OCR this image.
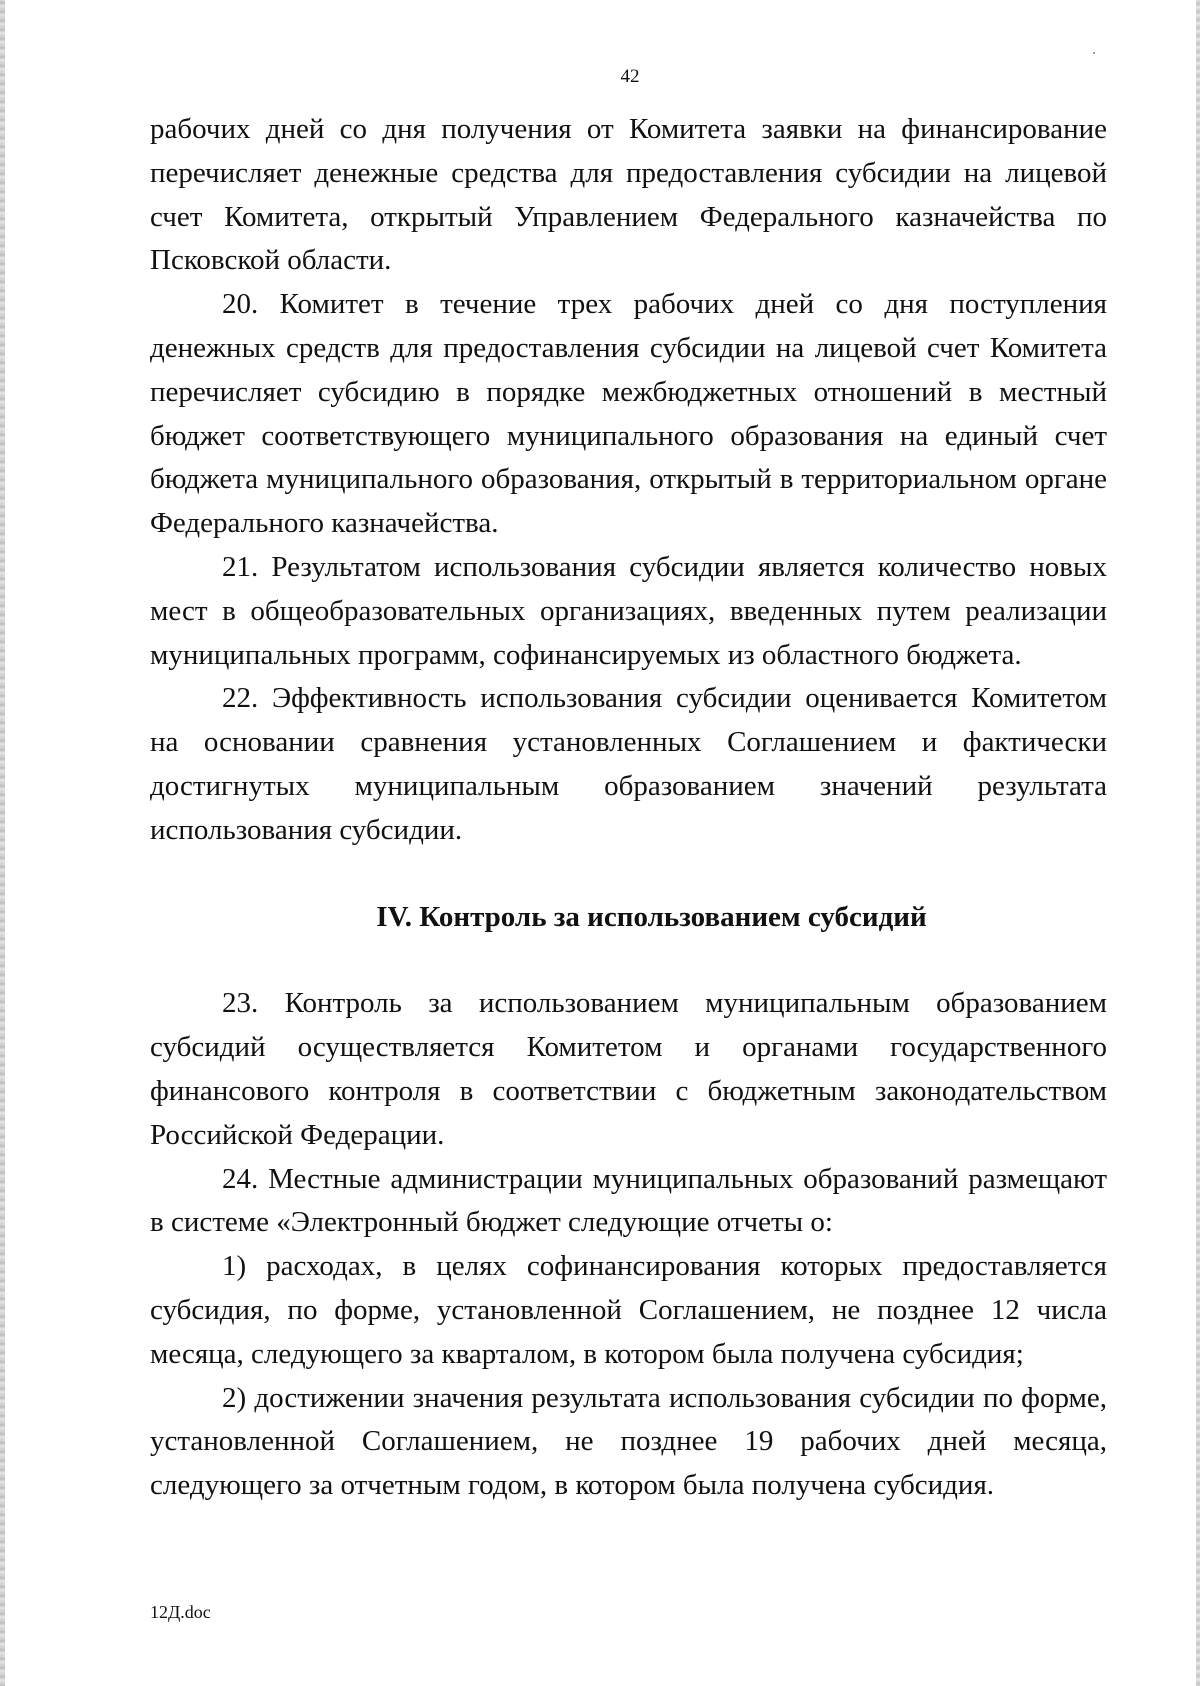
42

рабочих дней со дня получения от Комитета заявки на финансирование перечисляет денежные средства для предоставления субсидии на лицевой счет Комитета, открытый Управлением Федерального казначейства по Псковской области.

20. Комитет в течение трех рабочих дней со дня поступления денежных средств для предоставления субсидии на лицевой счет Комитета перечисляет субсидию в порядке межбюджетных отношений в местный бюджет соответствующего муниципального образования на единый счет бюджета муниципального образования, открытый в территориальном органе Федерального казначейства.

21. Результатом использования субсидии является количество новых мест в общеобразовательных организациях, введенных путем реализации муниципальных программ, софинансируемых из областного бюджета.

22. Эффективность использования субсидии оценивается Комитетом на основании сравнения установленных Соглашением и фактически достигнутых муниципальным образованием значений результата использования субсидии.

IV. Контроль за использованием субсидий

23. Контроль за использованием муниципальным образованием субсидий осуществляется Комитетом и органами государственного финансового контроля в соответствии с бюджетным законодательством Российской Федерации.

24. Местные администрации муниципальных образований размещают в системе «Электронный бюджет следующие отчеты о:

1) расходах, в целях софинансирования которых предоставляется субсидия, по форме, установленной Соглашением, не позднее 12 числа месяца, следующего за кварталом, в котором была получена субсидия;

2) достижении значения результата использования субсидии по форме, установленной Соглашением, не позднее 19 рабочих дней месяца, следующего за отчетным годом, в котором была получена субсидия.

12Д.doc
